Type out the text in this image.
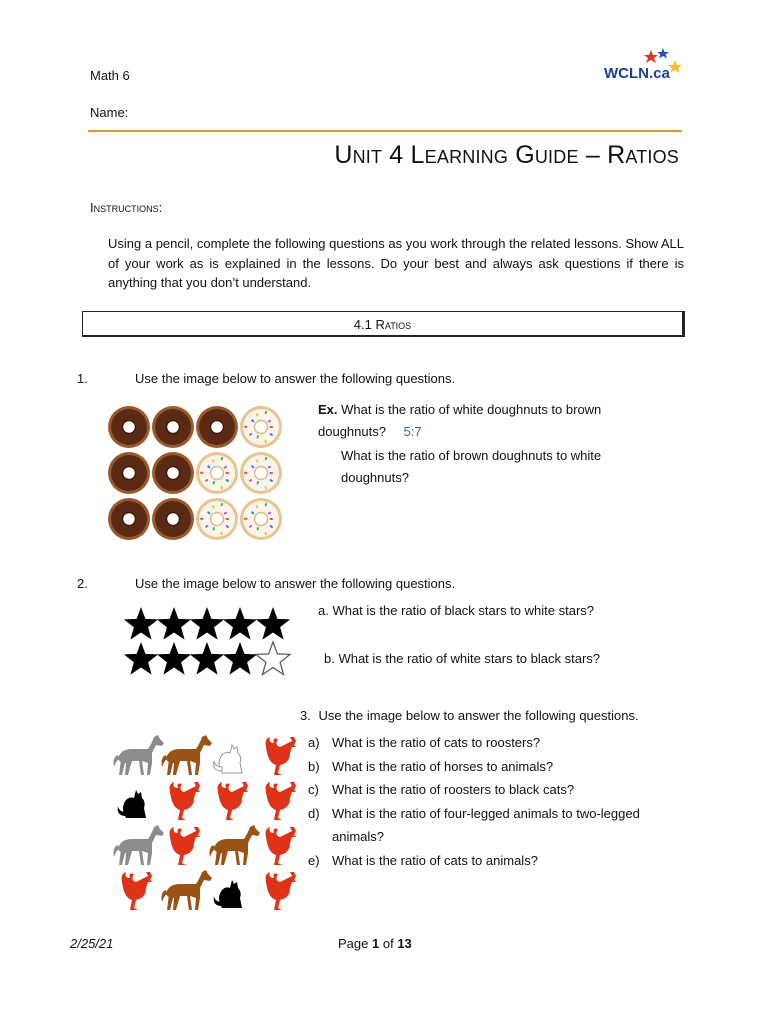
Math 6
Name:
WCLN.ca
Unit 4 Learning Guide – Ratios
Instructions:
Using a pencil, complete the following questions as you work through the related lessons. Show ALL of your work as is explained in the lessons. Do your best and always ask questions if there is anything that you don’t understand.
4.1 Ratios
1.	Use the image below to answer the following questions.
Ex. What is the ratio of white doughnuts to brown doughnuts? 5:7
What is the ratio of brown doughnuts to white doughnuts?
2.	Use the image below to answer the following questions.
a. What is the ratio of black stars to white stars?
b. What is the ratio of white stars to black stars?
3. Use the image below to answer the following questions.
a) What is the ratio of cats to roosters?
b) What is the ratio of horses to animals?
c) What is the ratio of roosters to black cats?
d) What is the ratio of four-legged animals to two-legged
animals?
e) What is the ratio of cats to animals?
2/25/21	Page 1 of 13
